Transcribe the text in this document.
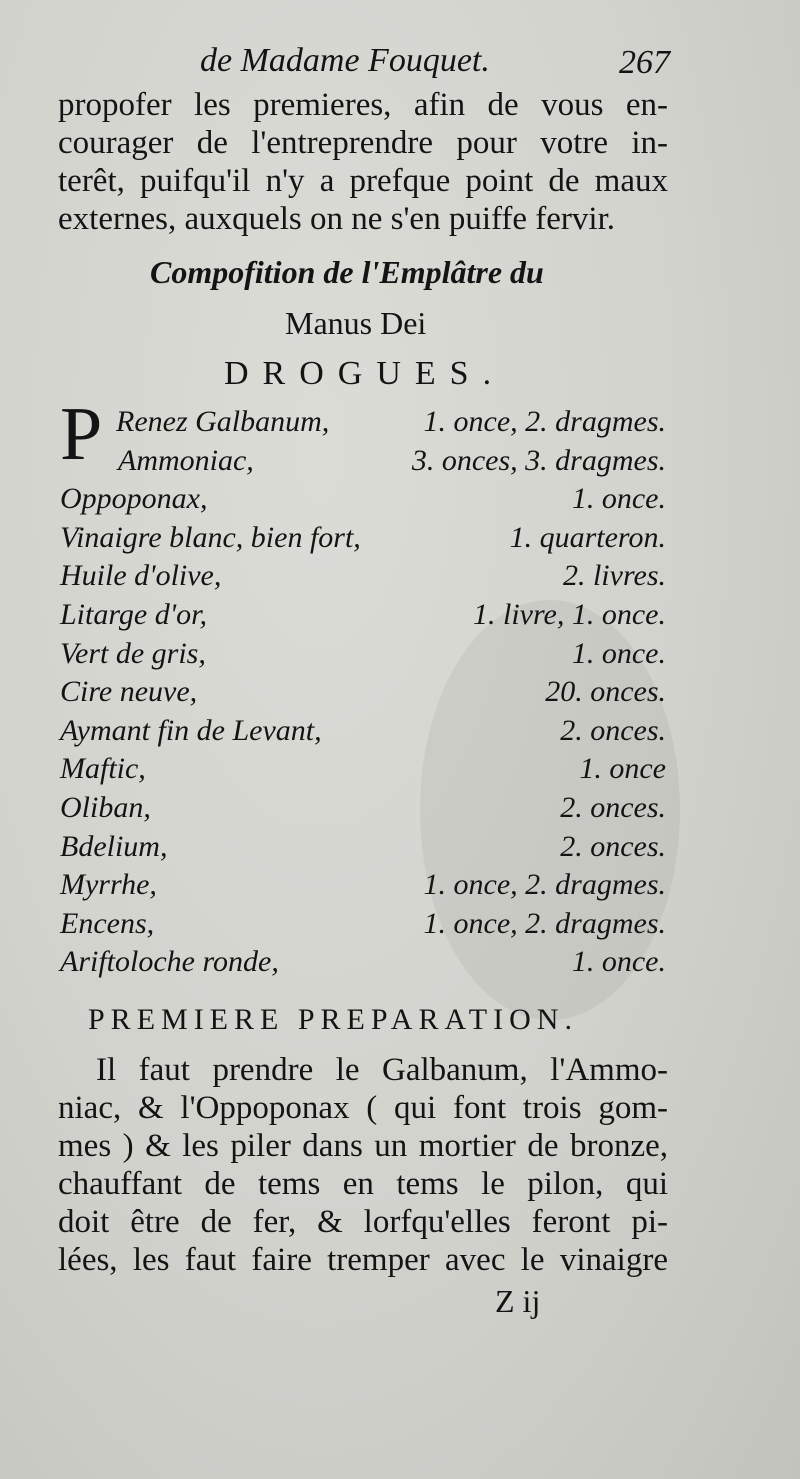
de Madame Fouquet.	267
propofer les premieres, afin de vous en-
courager de l'entreprendre pour votre in-
terêt, puifqu'il n'y a prefque point de maux
externes, auxquels on ne s'en puiffe fervir.
Compofition de l'Emplâtre du
Manus Dei
DROGUES.
P Renez Galbanum,	1. once, 2. dragmes.
Ammoniac,	3. onces, 3. dragmes.
Oppoponax,	1. once.
Vinaigre blanc, bien fort,	1. quarteron.
Huile d'olive,	2. livres.
Litarge d'or,	1. livre, 1. once.
Vert de gris,	1. once.
Cire neuve,	20. onces.
Aymant fin de Levant,	2. onces.
Maftic,	1. once
Oliban,	2. onces.
Bdelium,	2. onces.
Myrrhe,	1. once, 2. dragmes.
Encens,	1. once, 2. dragmes.
Ariftoloche ronde,	1. once.
PREMIERE PREPARATION.
Il faut prendre le Galbanum, l'Ammo-
niac, & l'Oppoponax ( qui font trois gom-
mes ) & les piler dans un mortier de bronze,
chauffant de tems en tems le pilon, qui
doit être de fer, & lorfqu'elles feront pi-
lées, les faut faire tremper avec le vinaigre
Z ij
